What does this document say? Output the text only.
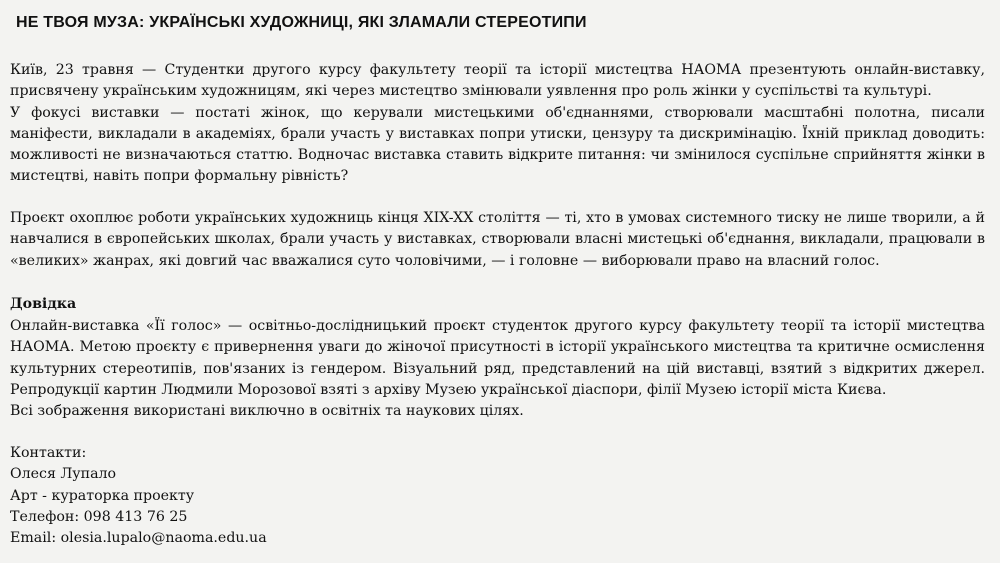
НЕ ТВОЯ МУЗА: УКРАЇНСЬКІ ХУДОЖНИЦІ, ЯКІ ЗЛАМАЛИ СТЕРЕОТИПИ
Київ, 23 травня — Студентки другого курсу факультету теорії та історії мистецтва НАОМА презентують онлайн-виставку, присвячену українським художницям, які через мистецтво змінювали уявлення про роль жінки у суспільстві та культурі.
У фокусі виставки — постаті жінок, що керували мистецькими об'єднаннями, створювали масштабні полотна, писали маніфести, викладали в академіях, брали участь у виставках попри утиски, цензуру та дискримінацію. Їхній приклад доводить: можливості не визначаються статтю. Водночас виставка ставить відкрите питання: чи змінилося суспільне сприйняття жінки в мистецтві, навіть попри формальну рівність?

Проєкт охоплює роботи українських художниць кінця XIX-XX століття — ті, хто в умовах системного тиску не лише творили, а й навчалися в європейських школах, брали участь у виставках, створювали власні мистецькі об'єднання, викладали, працювали в «великих» жанрах, які довгий час вважалися суто чоловічими, — і головне — виборювали право на власний голос.

Довідка
Онлайн-виставка «Її голос» — освітньо-дослідницький проєкт студенток другого курсу факультету теорії та історії мистецтва НАОМА. Метою проєкту є привернення уваги до жіночої присутності в історії українського мистецтва та критичне осмислення культурних стереотипів, пов'язаних із гендером. Візуальний ряд, представлений на цій виставці, взятий з відкритих джерел. Репродукції картин Людмили Морозової взяті з архіву Музею української діаспори, філії Музею історії міста Києва.
Всі зображення використані виключно в освітніх та наукових цілях.
Контакти:
Олеся Лупало
Арт - кураторка проекту
Телефон: 098 413 76 25
Email: olesia.lupalo@naoma.edu.ua
